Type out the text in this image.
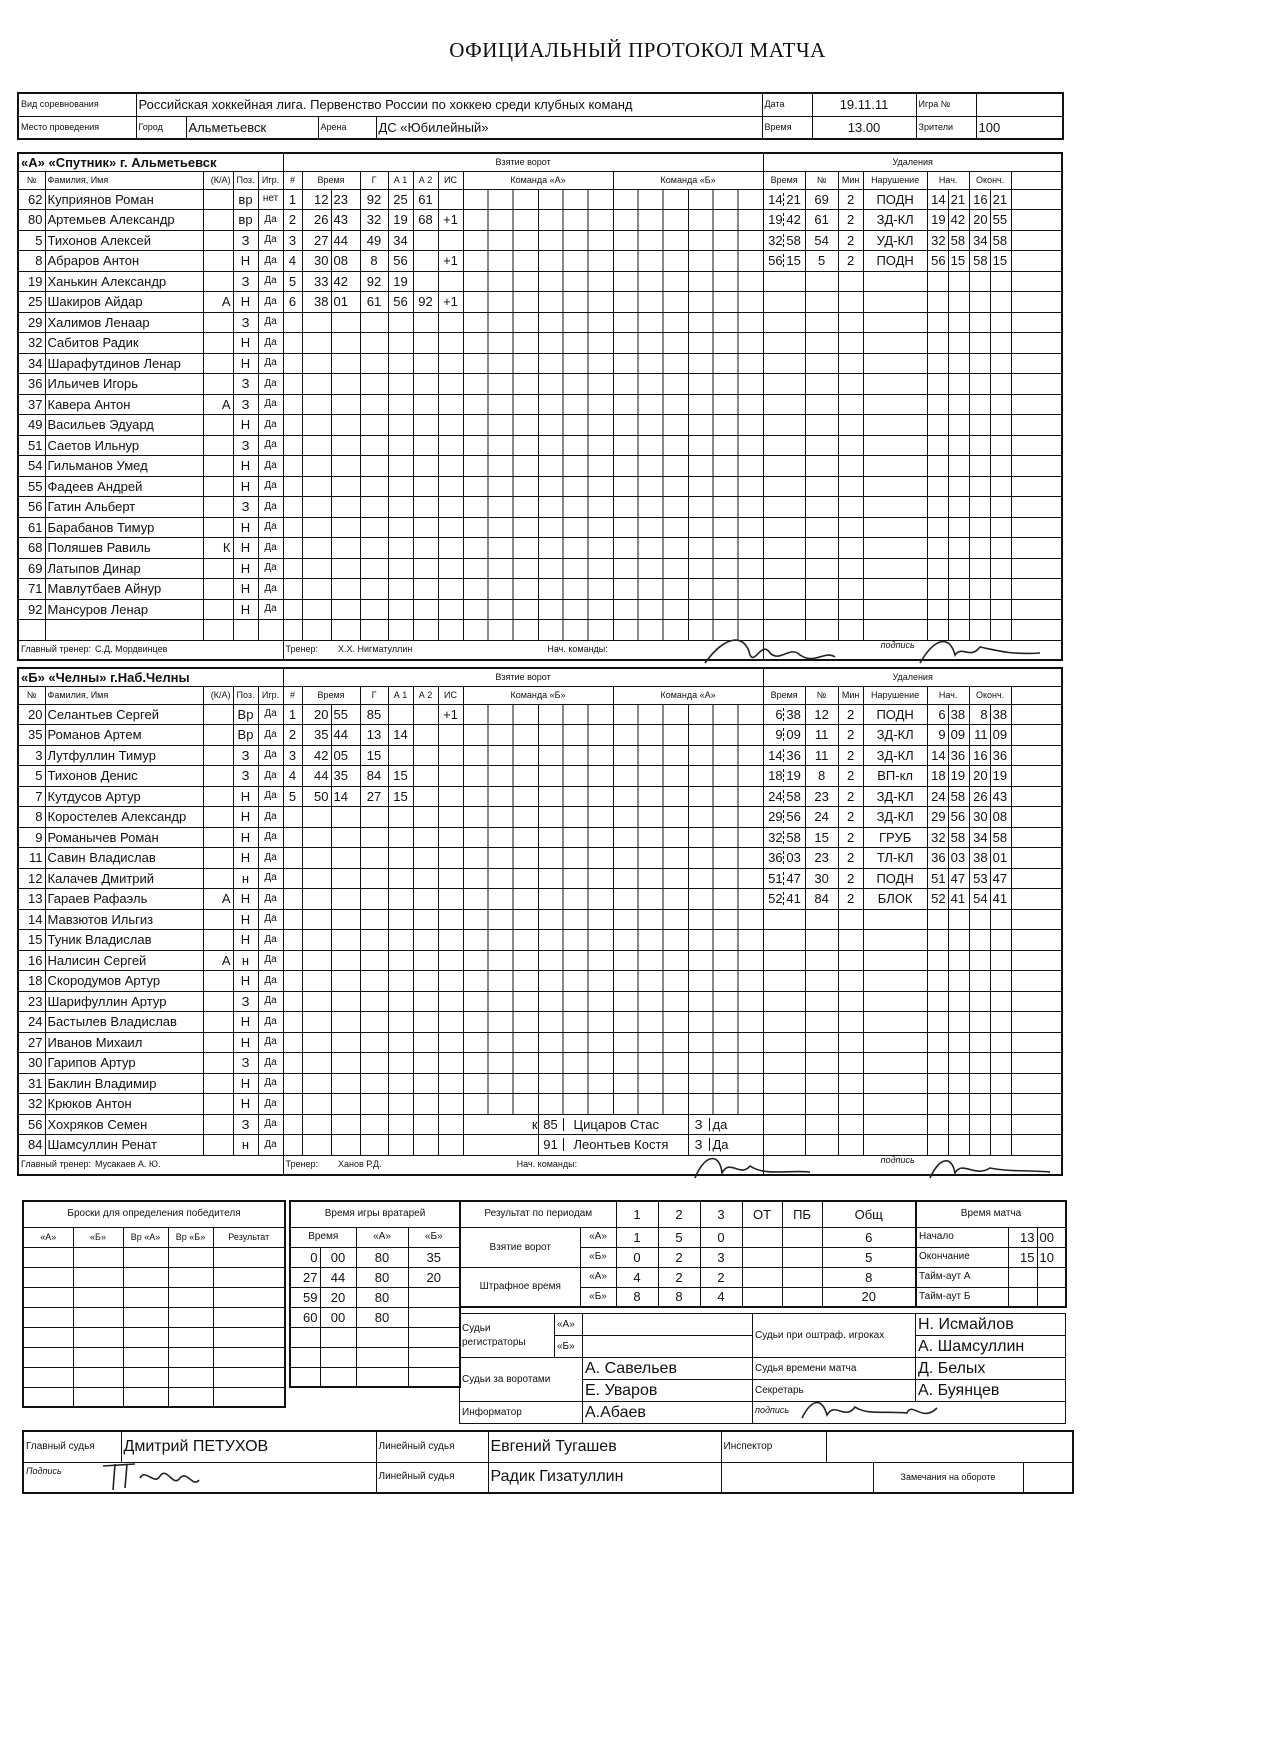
ОФИЦИАЛЬНЫЙ ПРОТОКОЛ МАТЧА
Вид соревнования	Российская хоккейная лига. Первенство России по хоккею среди клубных команд				Дата	19.11.11	Игра №	
Место проведения	Город	Альметьевск	Арена	ДС «Юбилейный»	Время	13.00	Зрители	100
«А» «Спутник» г. Альметьевск					Взятие ворот											Удаления								
№	Фамилия, Имя	(К/А)	Поз.	Игр.	#	Время		Г	А 1	А 2	ИС	Команда «А»		Команда «Б»		Время	№	Мин	Нарушение	Нач.		Оконч.		
62	Куприянов Роман		вр	нет	1	12	23	92	25	61						14 21	69	2	ПОДН	14	21	16	21	
80	Артемьев Александр		вр	Да	2	26	43	32	19	68	+1					19 42	61	2	ЗД-КЛ	19	42	20	55	
5	Тихонов Алексей		З	Да	3	27	44	49	34							32 58	54	2	УД-КЛ	32	58	34	58	
8	Абраров Антон		Н	Да	4	30	08	8	56		+1					56 15	5	2	ПОДН	56	15	58	15	
19	Ханькин Александр		З	Да	5	33	42	92	19															
25	Шакиров Айдар	А	Н	Да	6	38	01	61	56	92	+1													
29	Халимов Ленаар		З	Да																				
32	Сабитов Радик		Н	Да																				
34	Шарафутдинов Ленар		Н	Да																				
36	Ильичев Игорь		З	Да																				
37	Кавера Антон	А	З	Да																				
49	Васильев Эдуард		Н	Да																				
51	Саетов Ильнур		З	Да																				
54	Гильманов Умед		Н	Да																				
55	Фадеев Андрей		Н	Да																				
56	Гатин Альберт		З	Да																				
61	Барабанов Тимур		Н	Да																				
68	Поляшев Равиль	К	Н	Да																				
69	Латыпов Динар		Н	Да																				
71	Мавлутбаев Айнур		Н	Да																				
92	Мансуров Ленар		Н	Да																				

Главный тренер: С.Д. Мордвинцев					Тренер: Х.Х. Нигматуллин Нач. команды:											подпись								
«Б» «Челны» г.Наб.Челны					Взятие ворот											Удаления								
№	Фамилия, Имя	(К/А)	Поз.	Игр.	#	Время		Г	А 1	А 2	ИС	Команда «Б»		Команда «А»		Время	№	Мин	Нарушение	Нач.		Оконч.		
20	Селантьев Сергей		Вр	Да	1	20	55	85			+1					6 38	12	2	ПОДН	6	38	8	38	
35	Романов Артем		Вр	Да	2	35	44	13	14							9 09	11	2	ЗД-КЛ	9	09	11	09	
3	Лутфуллин Тимур		З	Да	3	42	05	15								14 36	11	2	ЗД-КЛ	14	36	16	36	
5	Тихонов Денис		З	Да	4	44	35	84	15							18 19	8	2	ВП-кл	18	19	20	19	
7	Кутдусов Артур		Н	Да	5	50	14	27	15							24 58	23	2	ЗД-КЛ	24	58	26	43	
8	Коростелев Александр		Н	Да												29 56	24	2	ЗД-КЛ	29	56	30	08	
9	Романычев Роман		Н	Да												32 58	15	2	ГРУБ	32	58	34	58	
11	Савин Владислав		Н	Да												36 03	23	2	ТЛ-КЛ	36	03	38	01	
12	Калачев Дмитрий		н	Да												51 47	30	2	ПОДН	51	47	53	47	
13	Гараев Рафаэль	А	Н	Да												52 41	84	2	БЛОК	52	41	54	41	
14	Мавзютов Ильгиз		Н	Да																				
15	Туник Владислав		Н	Да																				
16	Налисин Сергей	А	н	Да																				
18	Скородумов Артур		Н	Да																				
23	Шарифуллин Артур		З	Да																				
24	Бастылев Владислав		Н	Да																				
27	Иванов Михаил		Н	Да																				
30	Гарипов Артур		З	Да																				
31	Баклин Владимир		Н	Да																				
32	Крюков Антон		Н	Да																				
56	Хохряков Семен		З	Да								к	85 Цицаров Стас		З да									
84	Шамсуллин Ренат		н	Да									91 Леонтьев Костя		З Да									
Главный тренер: Мусакаев А. Ю.					Тренер: Ханов Р.Д. Нач. команды:											подпись								
Броски для определения победителя				
«А»	«Б»	Вр «А»	Вр «Б»	Результат

Время игры вратарей			
Время		«А»	«Б»
0	00	80	35
27	44	80	20
59	20	80	
60	00	80	

Результат по периодам		1	2	3	ОТ	ПБ	Общ
Взятие ворот	«А»	1	5	0			6
	«Б»	0	2	3			5
Штрафное время	«А»	4	2	2			8
	«Б»	8	8	4			20
Время матча		
Начало	13	00
Окончание	15	10
Тайм-аут А		
Тайм-аут Б		
Судьи регистраторы	«А»		Судьи при оштраф. игроках	Н. Исмайлов
	«Б»			А. Шамсуллин
Судьи за воротами		А. Савельев	Судья времени матча	Д. Белых
		Е. Уваров	Секретарь	А. Буянцев
Информатор		А.Абаев	подпись	
Главный судья	Дмитрий ПЕТУХОВ	Линейный судья	Евгений Тугашев	Инспектор			
Подпись		Линейный судья	Радик Гизатуллин			Замечания на обороте	
